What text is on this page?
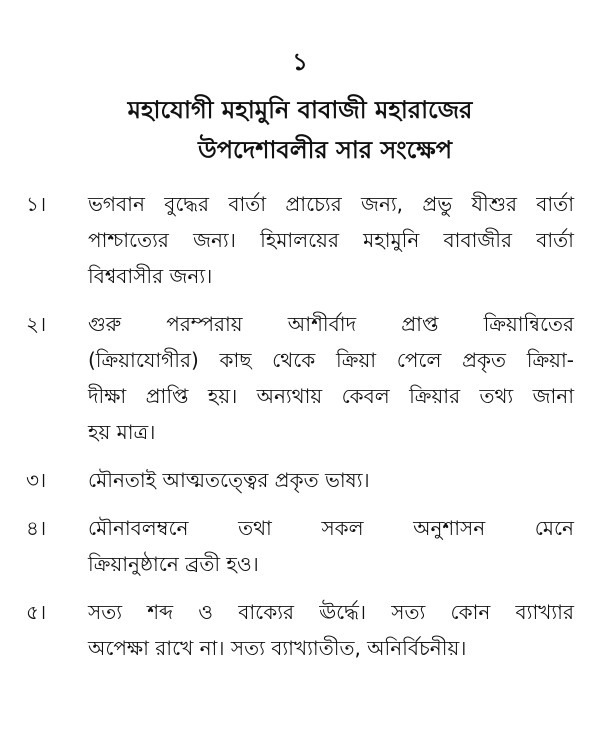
১
মহাযোগী মহামুনি বাবাজী মহারাজের
উপদেশাবলীর সার সংক্ষেপ
১।	ভগবান বুদ্ধের বার্তা প্রাচ্যের জন্য, প্রভু যীশুর বার্তা
পাশ্চাত্যের জন্য। হিমালয়ের মহামুনি বাবাজীর বার্তা
বিশ্ববাসীর জন্য।
২।	গুরু পরম্পরায় আশীর্বাদ প্রাপ্ত ক্রিয়ান্বিতের
(ক্রিয়াযোগীর) কাছ থেকে ক্রিয়া পেলে প্রকৃত ক্রিয়া-
দীক্ষা প্রাপ্তি হয়। অন্যথায় কেবল ক্রিয়ার তথ্য জানা
হয় মাত্র।
৩।	মৌনতাই আত্মতত্ত্বের প্রকৃত ভাষ্য।
৪।	মৌনাবলম্বনে তথা সকল অনুশাসন মেনে
ক্রিয়ানুষ্ঠানে ব্রতী হও।
৫।	সত্য শব্দ ও বাক্যের ঊর্দ্ধে। সত্য কোন ব্যাখ্যার
অপেক্ষা রাখে না। সত্য ব্যাখ্যাতীত, অনির্বিচনীয়।
